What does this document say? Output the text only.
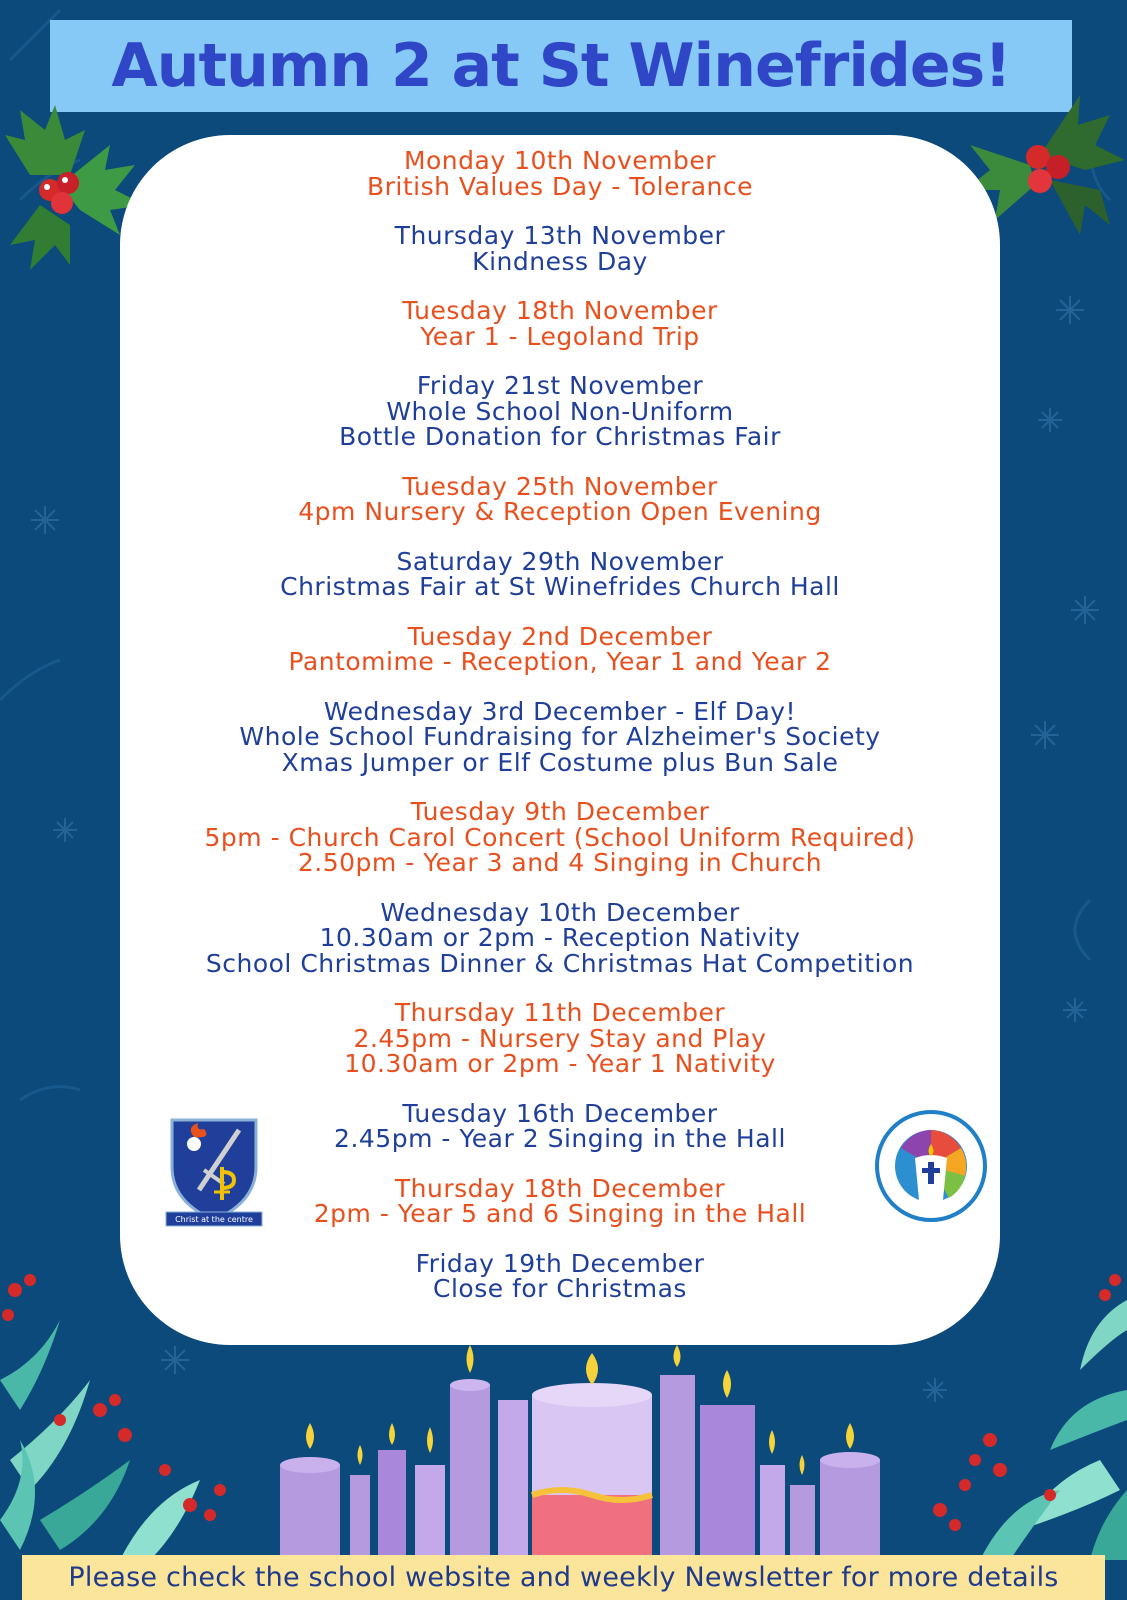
Autumn 2 at St Winefrides!
Monday 10th November
British Values Day - Tolerance
Thursday 13th November
Kindness Day
Tuesday 18th November
Year 1 - Legoland Trip
Friday 21st November
Whole School Non-Uniform
Bottle Donation for Christmas Fair
Tuesday 25th November
4pm Nursery & Reception Open Evening
Saturday 29th November
Christmas Fair at St Winefrides Church Hall
Tuesday 2nd December
Pantomime - Reception, Year 1 and Year 2
Wednesday 3rd December - Elf Day!
Whole School Fundraising for Alzheimer's Society
Xmas Jumper or Elf Costume plus Bun Sale
Tuesday 9th December
5pm - Church Carol Concert (School Uniform Required)
2.50pm - Year 3 and 4 Singing in Church
Wednesday 10th December
10.30am or 2pm - Reception Nativity
School Christmas Dinner & Christmas Hat Competition
Thursday 11th December
2.45pm - Nursery Stay and Play
10.30am or 2pm - Year 1 Nativity
Tuesday 16th December
2.45pm - Year 2 Singing in the Hall
Thursday 18th December
2pm - Year 5 and 6 Singing in the Hall
Friday 19th December
Close for Christmas
Christ at the centre
Please check the school website and weekly Newsletter for more details
